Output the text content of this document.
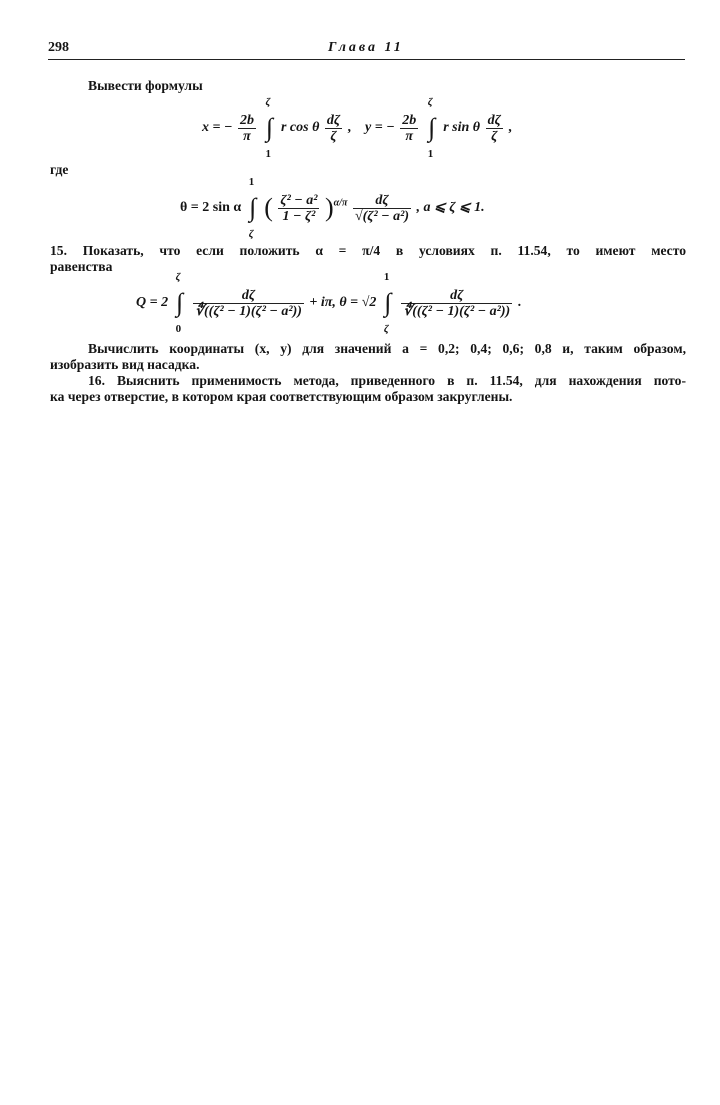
298	Глава 11
Вывести формулы
x = − $\frac{2b}{\pi}$

ζ
∫
1
r cos θ $\frac{d\zeta}{\zeta}$ , y = − $\frac{2b}{\pi}$

ζ
∫
1
r sin θ $\frac{d\zeta}{\zeta}$ ,
где
θ = 2 sin α
1
∫
ζ
( $\frac{\text{ζ² − a²}}{\text{1 − ζ²}} )^{\alpha/\pi} \frac{d\zeta}{\text{√(ζ² − a²)}}$ , a ⩽ ζ ⩽ 1.
15. Показать, что если положить α = π/4 в условиях п. 11.54, то имеют место
равенства
Q = 2
ζ
∫
0

$\frac{d\zeta}{\text{∜((ζ² − 1)(ζ² − a²))}} + i\pi$, θ = √2
1
∫
ζ

$\frac{d\zeta}{\text{∜((ζ² − 1)(ζ² − a²))}}$ .
Вычислить координаты (x, y) для значений a = 0,2; 0,4; 0,6; 0,8 и, таким образом,
изобразить вид насадка.
16. Выяснить применимость метода, приведенного в п. 11.54, для нахождения пото-
ка через отверстие, в котором края соответствующим образом закруглены.
